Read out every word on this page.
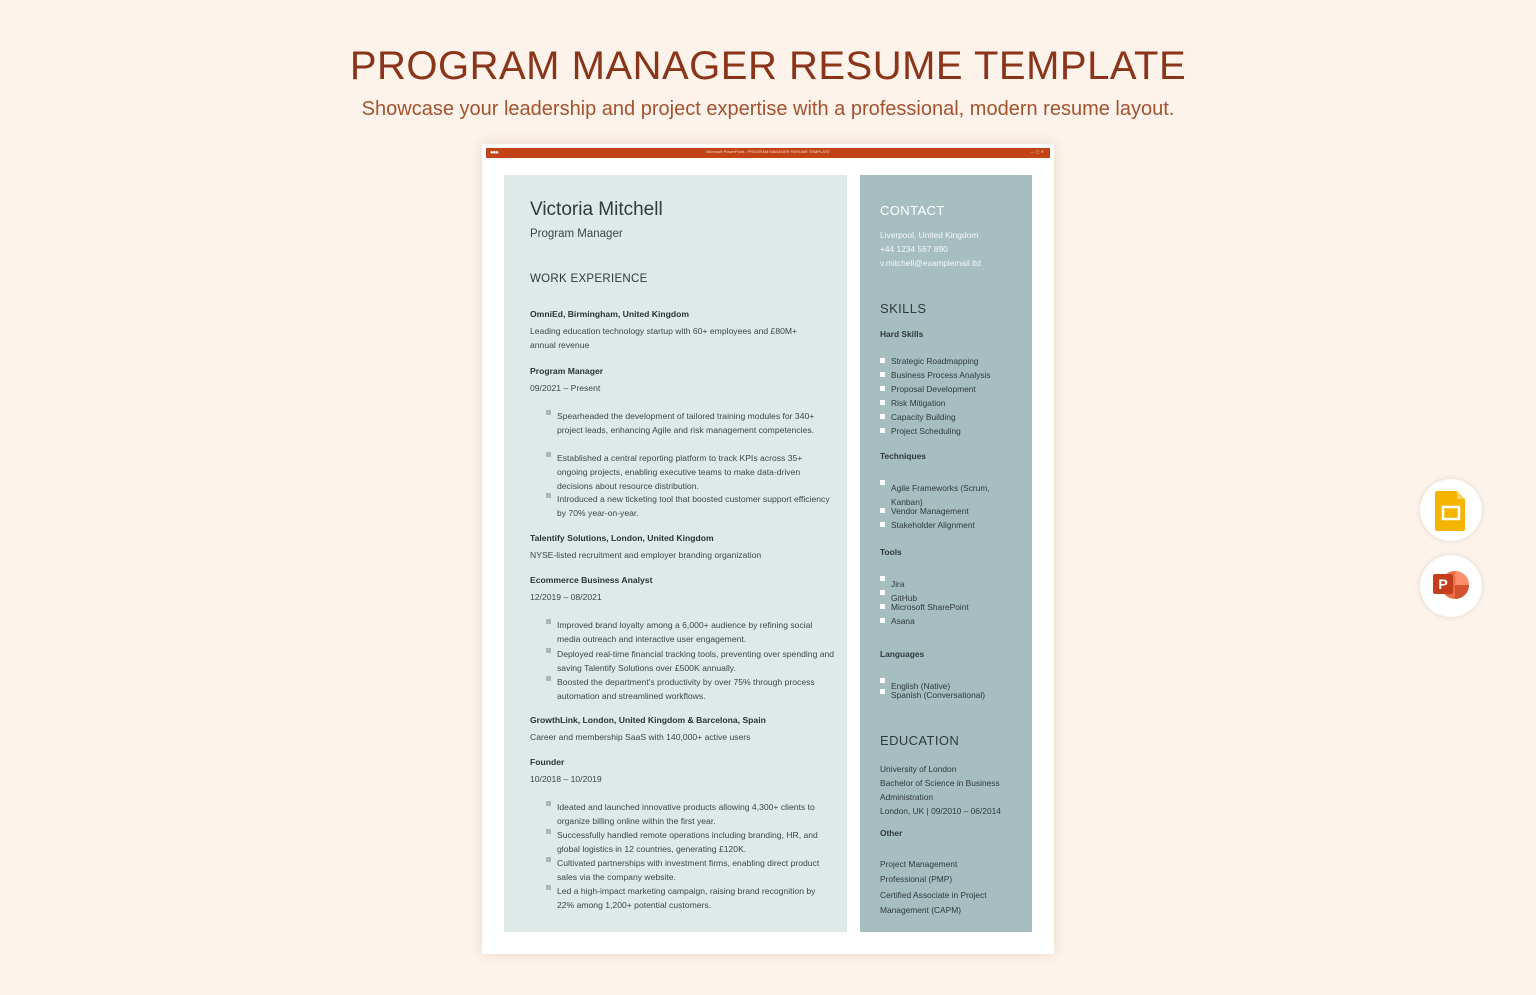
PROGRAM MANAGER RESUME TEMPLATE
Showcase your leadership and project expertise with a professional, modern resume layout.
●●●	Microsoft PowerPoint - PROGRAM MANAGER RESUME TEMPLATE	— ▢ ✕
Victoria Mitchell
Program Manager
WORK EXPERIENCE
OmniEd, Birmingham, United Kingdom
Leading education technology startup with 60+ employees and £80M+ annual revenue
Program Manager
09/2021 – Present
Spearheaded the development of tailored training modules for 340+ project leads, enhancing Agile and risk management competencies.
Established a central reporting platform to track KPIs across 35+ ongoing projects, enabling executive teams to make data-driven decisions about resource distribution.
Introduced a new ticketing tool that boosted customer support efficiency by 70% year-on-year.
Talentify Solutions, London, United Kingdom
NYSE-listed recruitment and employer branding organization
Ecommerce Business Analyst
12/2019 – 08/2021
Improved brand loyalty among a 6,000+ audience by refining social media outreach and interactive user engagement.
Deployed real-time financial tracking tools, preventing over spending and saving Talentify Solutions over £500K annually.
Boosted the department's productivity by over 75% through process automation and streamlined workflows.
GrowthLink, London, United Kingdom & Barcelona, Spain
Career and membership SaaS with 140,000+ active users
Founder
10/2018 – 10/2019
Ideated and launched innovative products allowing 4,300+ clients to organize billing online within the first year.
Successfully handled remote operations including branding, HR, and global logistics in 12 countries, generating £120K.
Cultivated partnerships with investment firms, enabling direct product sales via the company website.
Led a high-impact marketing campaign, raising brand recognition by 22% among 1,200+ potential customers.
CONTACT
Liverpool, United Kingdom
+44 1234 567 890
v.mitchell@examplemail.ltd
SKILLS
Hard Skills
Strategic Roadmapping
Business Process Analysis
Proposal Development
Risk Mitigation
Capacity Building
Project Scheduling
Techniques
Agile Frameworks (Scrum, Kanban)
Vendor Management
Stakeholder Alignment
Tools
Jira
GitHub
Microsoft SharePoint
Asana
Languages
English (Native)
Spanish (Conversational)
EDUCATION
University of London
Bachelor of Science in Business Administration
London, UK | 09/2010 – 06/2014
Other
Project Management Professional (PMP)
Certified Associate in Project Management (CAPM)
P
